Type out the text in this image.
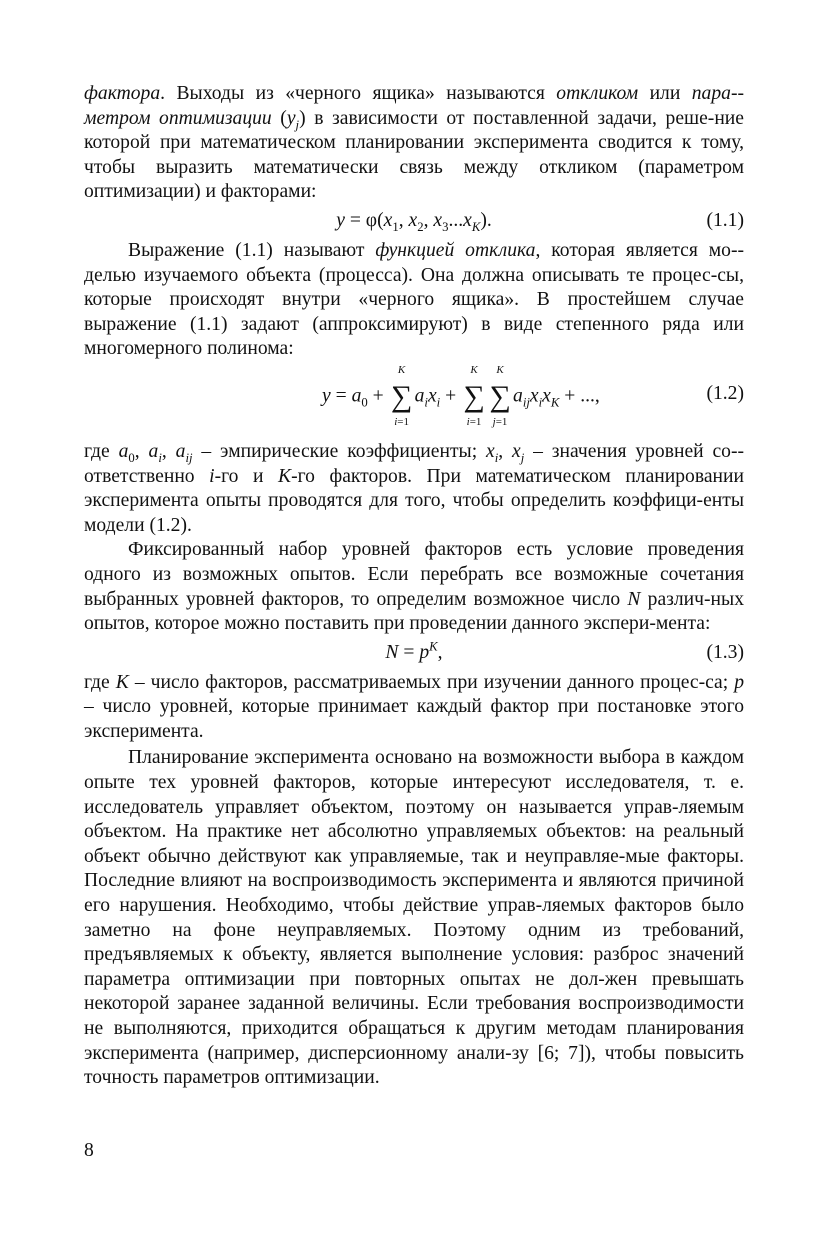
фактора. Выходы из «черного ящика» называются откликом или пара-метром оптимизации $(y_j)$ в зависимости от поставленной задачи, реше-ние которой при математическом планировании эксперимента сводится к тому, чтобы выразить математически связь между откликом (параметром оптимизации) и факторами:

$y = \varphi(x_1$, $x_2$, $x_3...x_K$).	(1.1)

Выражение (1.1) называют функцией отклика, которая является мо-делью изучаемого объекта (процесса). Она должна описывать те процес-сы, которые происходят внутри «черного ящика». В простейшем случае выражение (1.1) задают (аппроксимируют) в виде степенного ряда или многомерного полинома:

$y = a_0$ +
K
∑
i=1
$a_ix_i$ +
K
∑
i=1
K
∑
j=1
$a_{ij}x_ix_K$ + ...,	(1.2)

где $a_0$, $a_i$, $a_{ij}$ – эмпирические коэффициенты; $x_i$, $x_j$ – значения уровней со-ответственно i-го и K-го факторов. При математическом планировании эксперимента опыты проводятся для того, чтобы определить коэффици-енты модели (1.2).

Фиксированный набор уровней факторов есть условие проведения одного из возможных опытов. Если перебрать все возможные сочетания выбранных уровней факторов, то определим возможное число N различ-ных опытов, которое можно поставить при проведении данного экспери-мента:

$N = p^K$,	(1.3)

где K – число факторов, рассматриваемых при изучении данного процес-са; p – число уровней, которые принимает каждый фактор при постановке этого эксперимента.

Планирование эксперимента основано на возможности выбора в каждом опыте тех уровней факторов, которые интересуют исследователя, т. е. исследователь управляет объектом, поэтому он называется управ-ляемым объектом. На практике нет абсолютно управляемых объектов: на реальный объект обычно действуют как управляемые, так и неуправляе-мые факторы. Последние влияют на воспроизводимость эксперимента и являются причиной его нарушения. Необходимо, чтобы действие управ-ляемых факторов было заметно на фоне неуправляемых. Поэтому одним из требований, предъявляемых к объекту, является выполнение условия: разброс значений параметра оптимизации при повторных опытах не дол-жен превышать некоторой заранее заданной величины. Если требования воспроизводимости не выполняются, приходится обращаться к другим методам планирования эксперимента (например, дисперсионному анали-зу [6; 7]), чтобы повысить точность параметров оптимизации.

8
